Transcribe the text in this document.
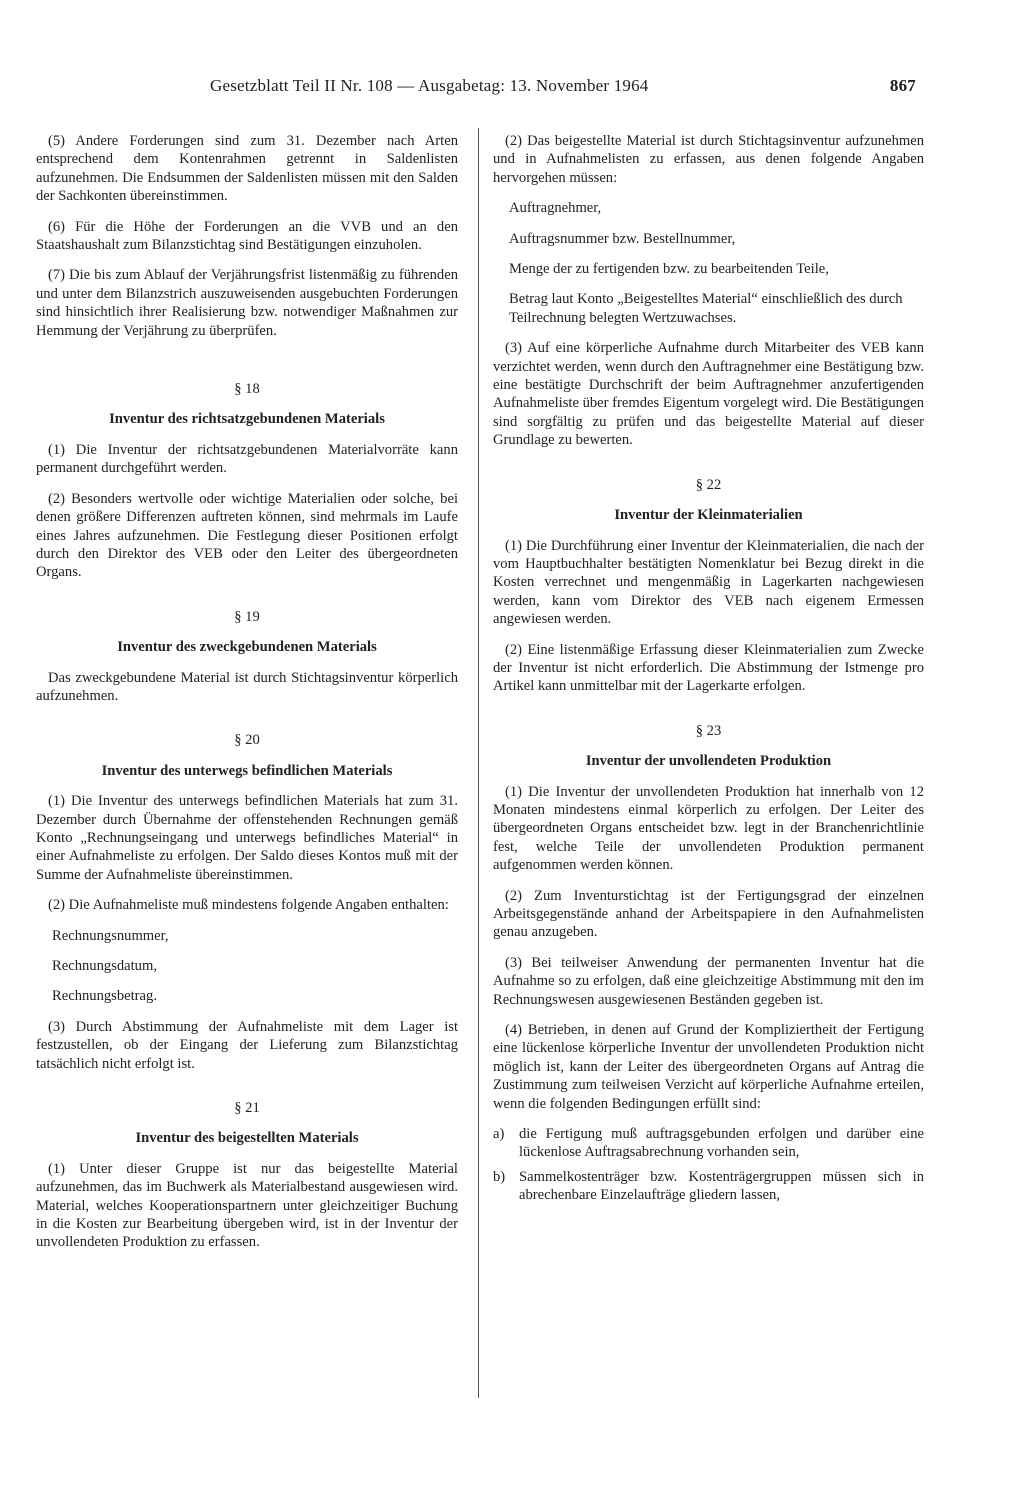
Gesetzblatt Teil II Nr. 108 — Ausgabetag: 13. November 1964	867

(5) Andere Forderungen sind zum 31. Dezember nach Arten entsprechend dem Kontenrahmen getrennt in Saldenlisten aufzunehmen. Die Endsummen der Saldenlisten müssen mit den Salden der Sachkonten übereinstimmen.

(6) Für die Höhe der Forderungen an die VVB und an den Staatshaushalt zum Bilanzstichtag sind Bestätigungen einzuholen.

(7) Die bis zum Ablauf der Verjährungsfrist listenmäßig zu führenden und unter dem Bilanzstrich auszuweisenden ausgebuchten Forderungen sind hinsichtlich ihrer Realisierung bzw. notwendiger Maßnahmen zur Hemmung der Verjährung zu überprüfen.

§ 18
Inventur des richtsatzgebundenen Materials

(1) Die Inventur der richtsatzgebundenen Materialvorräte kann permanent durchgeführt werden.

(2) Besonders wertvolle oder wichtige Materialien oder solche, bei denen größere Differenzen auftreten können, sind mehrmals im Laufe eines Jahres aufzunehmen. Die Festlegung dieser Positionen erfolgt durch den Direktor des VEB oder den Leiter des übergeordneten Organs.

§ 19
Inventur des zweckgebundenen Materials

Das zweckgebundene Material ist durch Stichtagsinventur körperlich aufzunehmen.

§ 20
Inventur des unterwegs befindlichen Materials

(1) Die Inventur des unterwegs befindlichen Materials hat zum 31. Dezember durch Übernahme der offenstehenden Rechnungen gemäß Konto „Rechnungseingang und unterwegs befindliches Material“ in einer Aufnahmeliste zu erfolgen. Der Saldo dieses Kontos muß mit der Summe der Aufnahmeliste übereinstimmen.

(2) Die Aufnahmeliste muß mindestens folgende Angaben enthalten:

Rechnungsnummer,
Rechnungsdatum,
Rechnungsbetrag.

(3) Durch Abstimmung der Aufnahmeliste mit dem Lager ist festzustellen, ob der Eingang der Lieferung zum Bilanzstichtag tatsächlich nicht erfolgt ist.

§ 21
Inventur des beigestellten Materials

(1) Unter dieser Gruppe ist nur das beigestellte Material aufzunehmen, das im Buchwerk als Materialbestand ausgewiesen wird. Material, welches Kooperationspartnern unter gleichzeitiger Buchung in die Kosten zur Bearbeitung übergeben wird, ist in der Inventur der unvollendeten Produktion zu erfassen.

(2) Das beigestellte Material ist durch Stichtagsinventur aufzunehmen und in Aufnahmelisten zu erfassen, aus denen folgende Angaben hervorgehen müssen:

Auftragnehmer,
Auftragsnummer bzw. Bestellnummer,
Menge der zu fertigenden bzw. zu bearbeitenden Teile,
Betrag laut Konto „Beigestelltes Material“ einschließlich des durch Teilrechnung belegten Wertzuwachses.

(3) Auf eine körperliche Aufnahme durch Mitarbeiter des VEB kann verzichtet werden, wenn durch den Auftragnehmer eine Bestätigung bzw. eine bestätigte Durchschrift der beim Auftragnehmer anzufertigenden Aufnahmeliste über fremdes Eigentum vorgelegt wird. Die Bestätigungen sind sorgfältig zu prüfen und das beigestellte Material auf dieser Grundlage zu bewerten.

§ 22
Inventur der Kleinmaterialien

(1) Die Durchführung einer Inventur der Kleinmaterialien, die nach der vom Hauptbuchhalter bestätigten Nomenklatur bei Bezug direkt in die Kosten verrechnet und mengenmäßig in Lagerkarten nachgewiesen werden, kann vom Direktor des VEB nach eigenem Ermessen angewiesen werden.

(2) Eine listenmäßige Erfassung dieser Kleinmaterialien zum Zwecke der Inventur ist nicht erforderlich. Die Abstimmung der Istmenge pro Artikel kann unmittelbar mit der Lagerkarte erfolgen.

§ 23
Inventur der unvollendeten Produktion

(1) Die Inventur der unvollendeten Produktion hat innerhalb von 12 Monaten mindestens einmal körperlich zu erfolgen. Der Leiter des übergeordneten Organs entscheidet bzw. legt in der Branchenrichtlinie fest, welche Teile der unvollendeten Produktion permanent aufgenommen werden können.

(2) Zum Inventurstichtag ist der Fertigungsgrad der einzelnen Arbeitsgegenstände anhand der Arbeitspapiere in den Aufnahmelisten genau anzugeben.

(3) Bei teilweiser Anwendung der permanenten Inventur hat die Aufnahme so zu erfolgen, daß eine gleichzeitige Abstimmung mit den im Rechnungswesen ausgewiesenen Beständen gegeben ist.

(4) Betrieben, in denen auf Grund der Kompliziertheit der Fertigung eine lückenlose körperliche Inventur der unvollendeten Produktion nicht möglich ist, kann der Leiter des übergeordneten Organs auf Antrag die Zustimmung zum teilweisen Verzicht auf körperliche Aufnahme erteilen, wenn die folgenden Bedingungen erfüllt sind:

a)	die Fertigung muß auftragsgebunden erfolgen und darüber eine lückenlose Auftragsabrechnung vorhanden sein,
b) Sammelkostenträger bzw. Kostenträgergruppen müssen sich in abrechenbare Einzelaufträge gliedern lassen,
